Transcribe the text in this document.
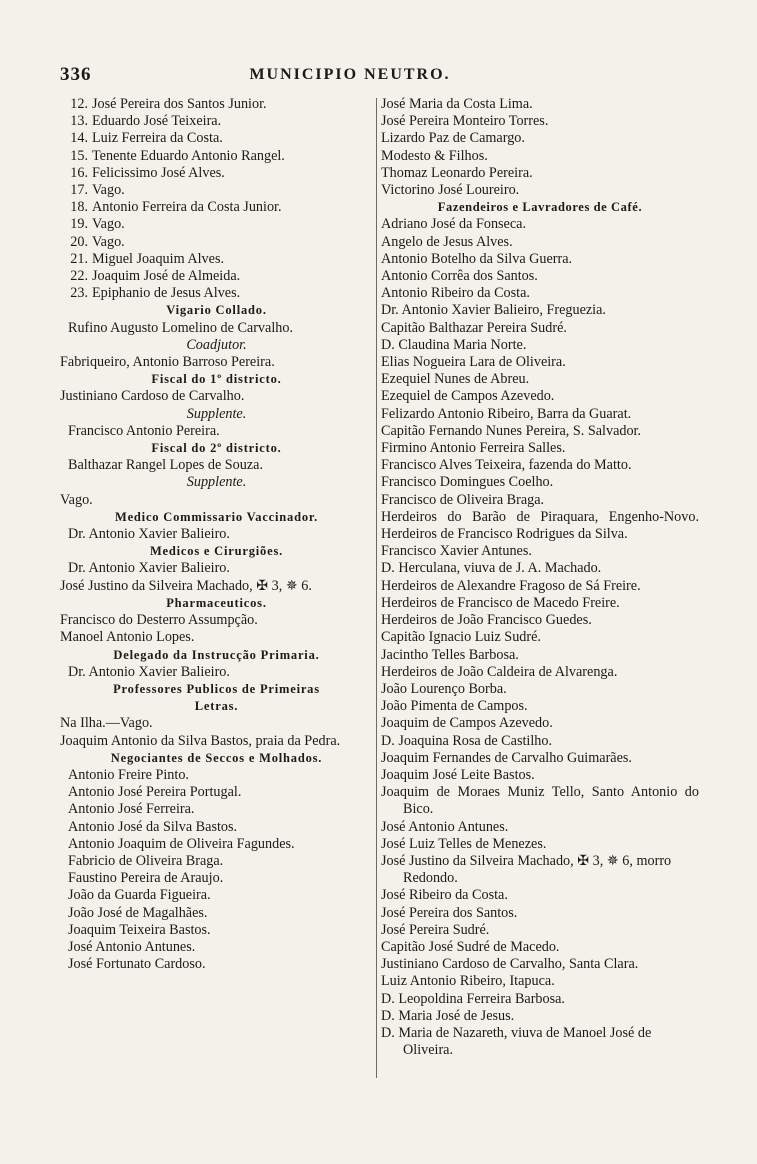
336	MUNICIPIO NEUTRO.
12. José Pereira dos Santos Junior.
13. Eduardo José Teixeira.
14. Luiz Ferreira da Costa.
15. Tenente Eduardo Antonio Rangel.
16. Felicissimo José Alves.
17. Vago.
18. Antonio Ferreira da Costa Junior.
19. Vago.
20. Vago.
21. Miguel Joaquim Alves.
22. Joaquim José de Almeida.
23. Epiphanio de Jesus Alves.
Vigario Collado.
Rufino Augusto Lomelino de Carvalho.
Coadjutor.
Fabriqueiro, Antonio Barroso Pereira.
Fiscal do 1º districto.
Justiniano Cardoso de Carvalho.
Supplente.
Francisco Antonio Pereira.
Fiscal do 2º districto.
Balthazar Rangel Lopes de Souza.
Supplente.
Vago.
Medico Commissario Vaccinador.
Dr. Antonio Xavier Balieiro.
Medicos e Cirurgiões.
Dr. Antonio Xavier Balieiro.
José Justino da Silveira Machado, ✠ 3, ✵ 6.
Pharmaceuticos.
Francisco do Desterro Assumpção.
Manoel Antonio Lopes.
Delegado da Instrucção Primaria.
Dr. Antonio Xavier Balieiro.
Professores Publicos de Primeiras
Letras.
Na Ilha.—Vago.
Joaquim Antonio da Silva Bastos, praia da Pedra.
Negociantes de Seccos e Molhados.
Antonio Freire Pinto.
Antonio José Pereira Portugal.
Antonio José Ferreira.
Antonio José da Silva Bastos.
Antonio Joaquim de Oliveira Fagundes.
Fabricio de Oliveira Braga.
Faustino Pereira de Araujo.
João da Guarda Figueira.
João José de Magalhães.
Joaquim Teixeira Bastos.
José Antonio Antunes.
José Fortunato Cardoso.
José Maria da Costa Lima.
José Pereira Monteiro Torres.
Lizardo Paz de Camargo.
Modesto & Filhos.
Thomaz Leonardo Pereira.
Victorino José Loureiro.
Fazendeiros e Lavradores de Café.
Adriano José da Fonseca.
Angelo de Jesus Alves.
Antonio Botelho da Silva Guerra.
Antonio Corrêa dos Santos.
Antonio Ribeiro da Costa.
Dr. Antonio Xavier Balieiro, Freguezia.
Capitão Balthazar Pereira Sudré.
D. Claudina Maria Norte.
Elias Nogueira Lara de Oliveira.
Ezequiel Nunes de Abreu.
Ezequiel de Campos Azevedo.
Felizardo Antonio Ribeiro, Barra da Guarat.
Capitão Fernando Nunes Pereira, S. Salvador.
Firmino Antonio Ferreira Salles.
Francisco Alves Teixeira, fazenda do Matto.
Francisco Domingues Coelho.
Francisco de Oliveira Braga.
Herdeiros do Barão de Piraquara, Engenho-Novo.
Herdeiros de Francisco Rodrigues da Silva.
Francisco Xavier Antunes.
D. Herculana, viuva de J. A. Machado.
Herdeiros de Alexandre Fragoso de Sá Freire.
Herdeiros de Francisco de Macedo Freire.
Herdeiros de João Francisco Guedes.
Capitão Ignacio Luiz Sudré.
Jacintho Telles Barbosa.
Herdeiros de João Caldeira de Alvarenga.
João Lourenço Borba.
João Pimenta de Campos.
Joaquim de Campos Azevedo.
D. Joaquina Rosa de Castilho.
Joaquim Fernandes de Carvalho Guimarães.
Joaquim José Leite Bastos.
Joaquim de Moraes Muniz Tello, Santo Antonio do Bico.
José Antonio Antunes.
José Luiz Telles de Menezes.
José Justino da Silveira Machado, ✠ 3, ✵ 6, morro Redondo.
José Ribeiro da Costa.
José Pereira dos Santos.
José Pereira Sudré.
Capitão José Sudré de Macedo.
Justiniano Cardoso de Carvalho, Santa Clara.
Luiz Antonio Ribeiro, Itapuca.
D. Leopoldina Ferreira Barbosa.
D. Maria José de Jesus.
D. Maria de Nazareth, viuva de Manoel José de Oliveira.
